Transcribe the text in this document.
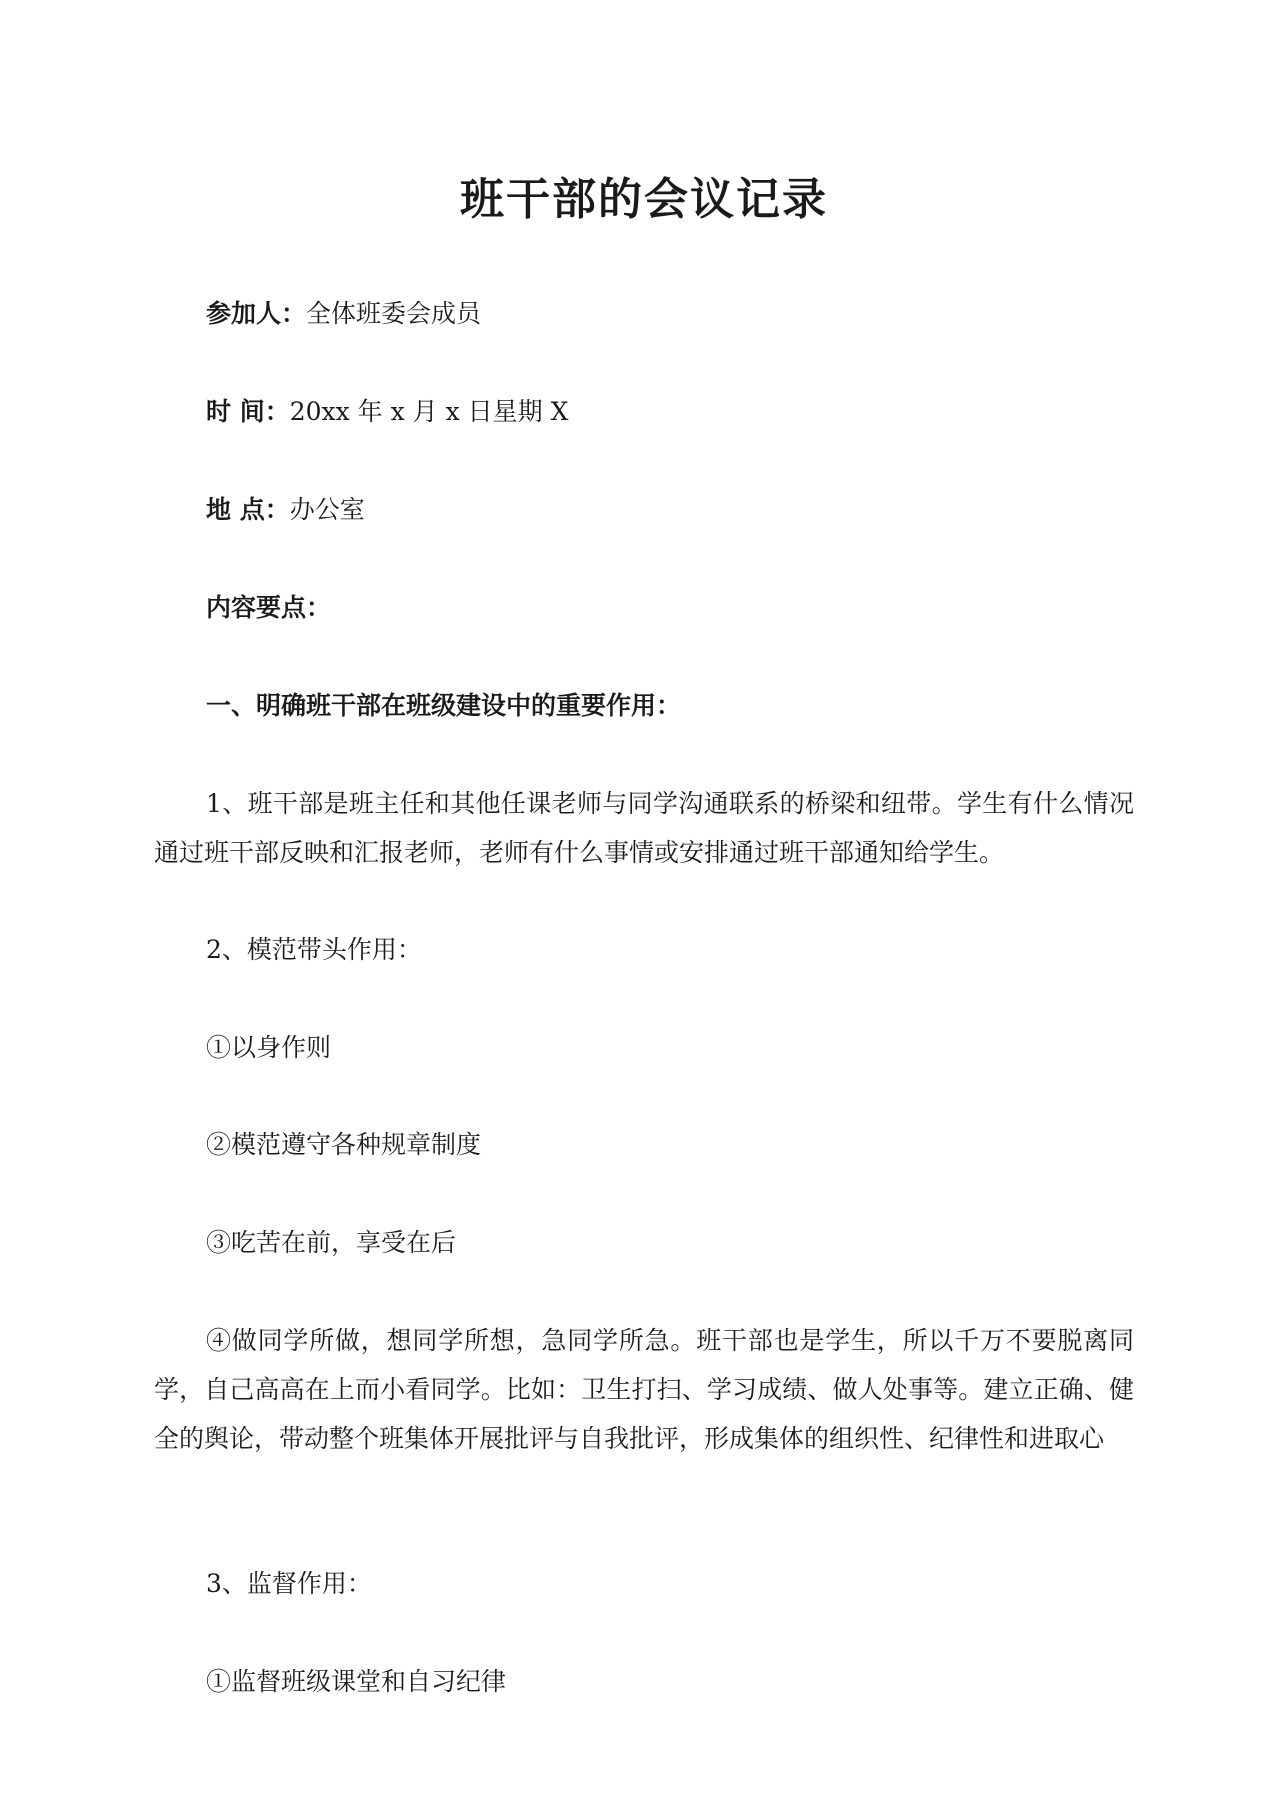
班干部的会议记录

参加人：全体班委会成员

时 间：20xx 年 x 月 x 日星期 X

地 点：办公室

内容要点：

一、明确班干部在班级建设中的重要作用：

1、班干部是班主任和其他任课老师与同学沟通联系的桥梁和纽带。学生有什么情况通过班干部反映和汇报老师，老师有什么事情或安排通过班干部通知给学生。

2、模范带头作用：

①以身作则

②模范遵守各种规章制度

③吃苦在前，享受在后

④做同学所做，想同学所想，急同学所急。班干部也是学生，所以千万不要脱离同学，自己高高在上而小看同学。比如：卫生打扫、学习成绩、做人处事等。建立正确、健全的舆论，带动整个班集体开展批评与自我批评，形成集体的组织性、纪律性和进取心

3、监督作用：

①监督班级课堂和自习纪律
